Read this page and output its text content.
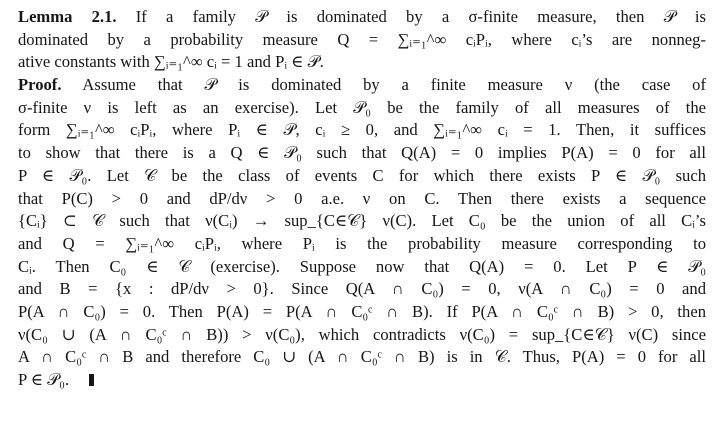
Lemma 2.1. If a family 𝒫 is dominated by a σ-finite measure, then 𝒫 is
dominated by a probability measure Q = ∑ᵢ₌₁^∞ cᵢPᵢ, where cᵢ’s are nonneg-
ative constants with ∑ᵢ₌₁^∞ cᵢ = 1 and Pᵢ ∈ 𝒫.
Proof. Assume that 𝒫 is dominated by a finite measure ν (the case of
σ-finite ν is left as an exercise). Let 𝒫₀ be the family of all measures of the
form ∑ᵢ₌₁^∞ cᵢPᵢ, where Pᵢ ∈ 𝒫, cᵢ ≥ 0, and ∑ᵢ₌₁^∞ cᵢ = 1. Then, it suffices
to show that there is a Q ∈ 𝒫₀ such that Q(A) = 0 implies P(A) = 0 for all
P ∈ 𝒫₀. Let 𝒞 be the class of events C for which there exists P ∈ 𝒫₀ such
that P(C) > 0 and dP/dν > 0 a.e. ν on C. Then there exists a sequence
{Cᵢ} ⊂ 𝒞 such that ν(Cᵢ) → sup_{C∈𝒞} ν(C). Let C₀ be the union of all Cᵢ’s
and Q = ∑ᵢ₌₁^∞ cᵢPᵢ, where Pᵢ is the probability measure corresponding to
Cᵢ. Then C₀ ∈ 𝒞 (exercise). Suppose now that Q(A) = 0. Let P ∈ 𝒫₀
and B = {x : dP/dν > 0}. Since Q(A ∩ C₀) = 0, ν(A ∩ C₀) = 0 and
P(A ∩ C₀) = 0. Then P(A) = P(A ∩ C₀ᶜ ∩ B). If P(A ∩ C₀ᶜ ∩ B) > 0, then
ν(C₀ ∪ (A ∩ C₀ᶜ ∩ B)) > ν(C₀), which contradicts ν(C₀) = sup_{C∈𝒞} ν(C) since
A ∩ C₀ᶜ ∩ B and therefore C₀ ∪ (A ∩ C₀ᶜ ∩ B) is in 𝒞. Thus, P(A) = 0 for all
P ∈ 𝒫₀.
